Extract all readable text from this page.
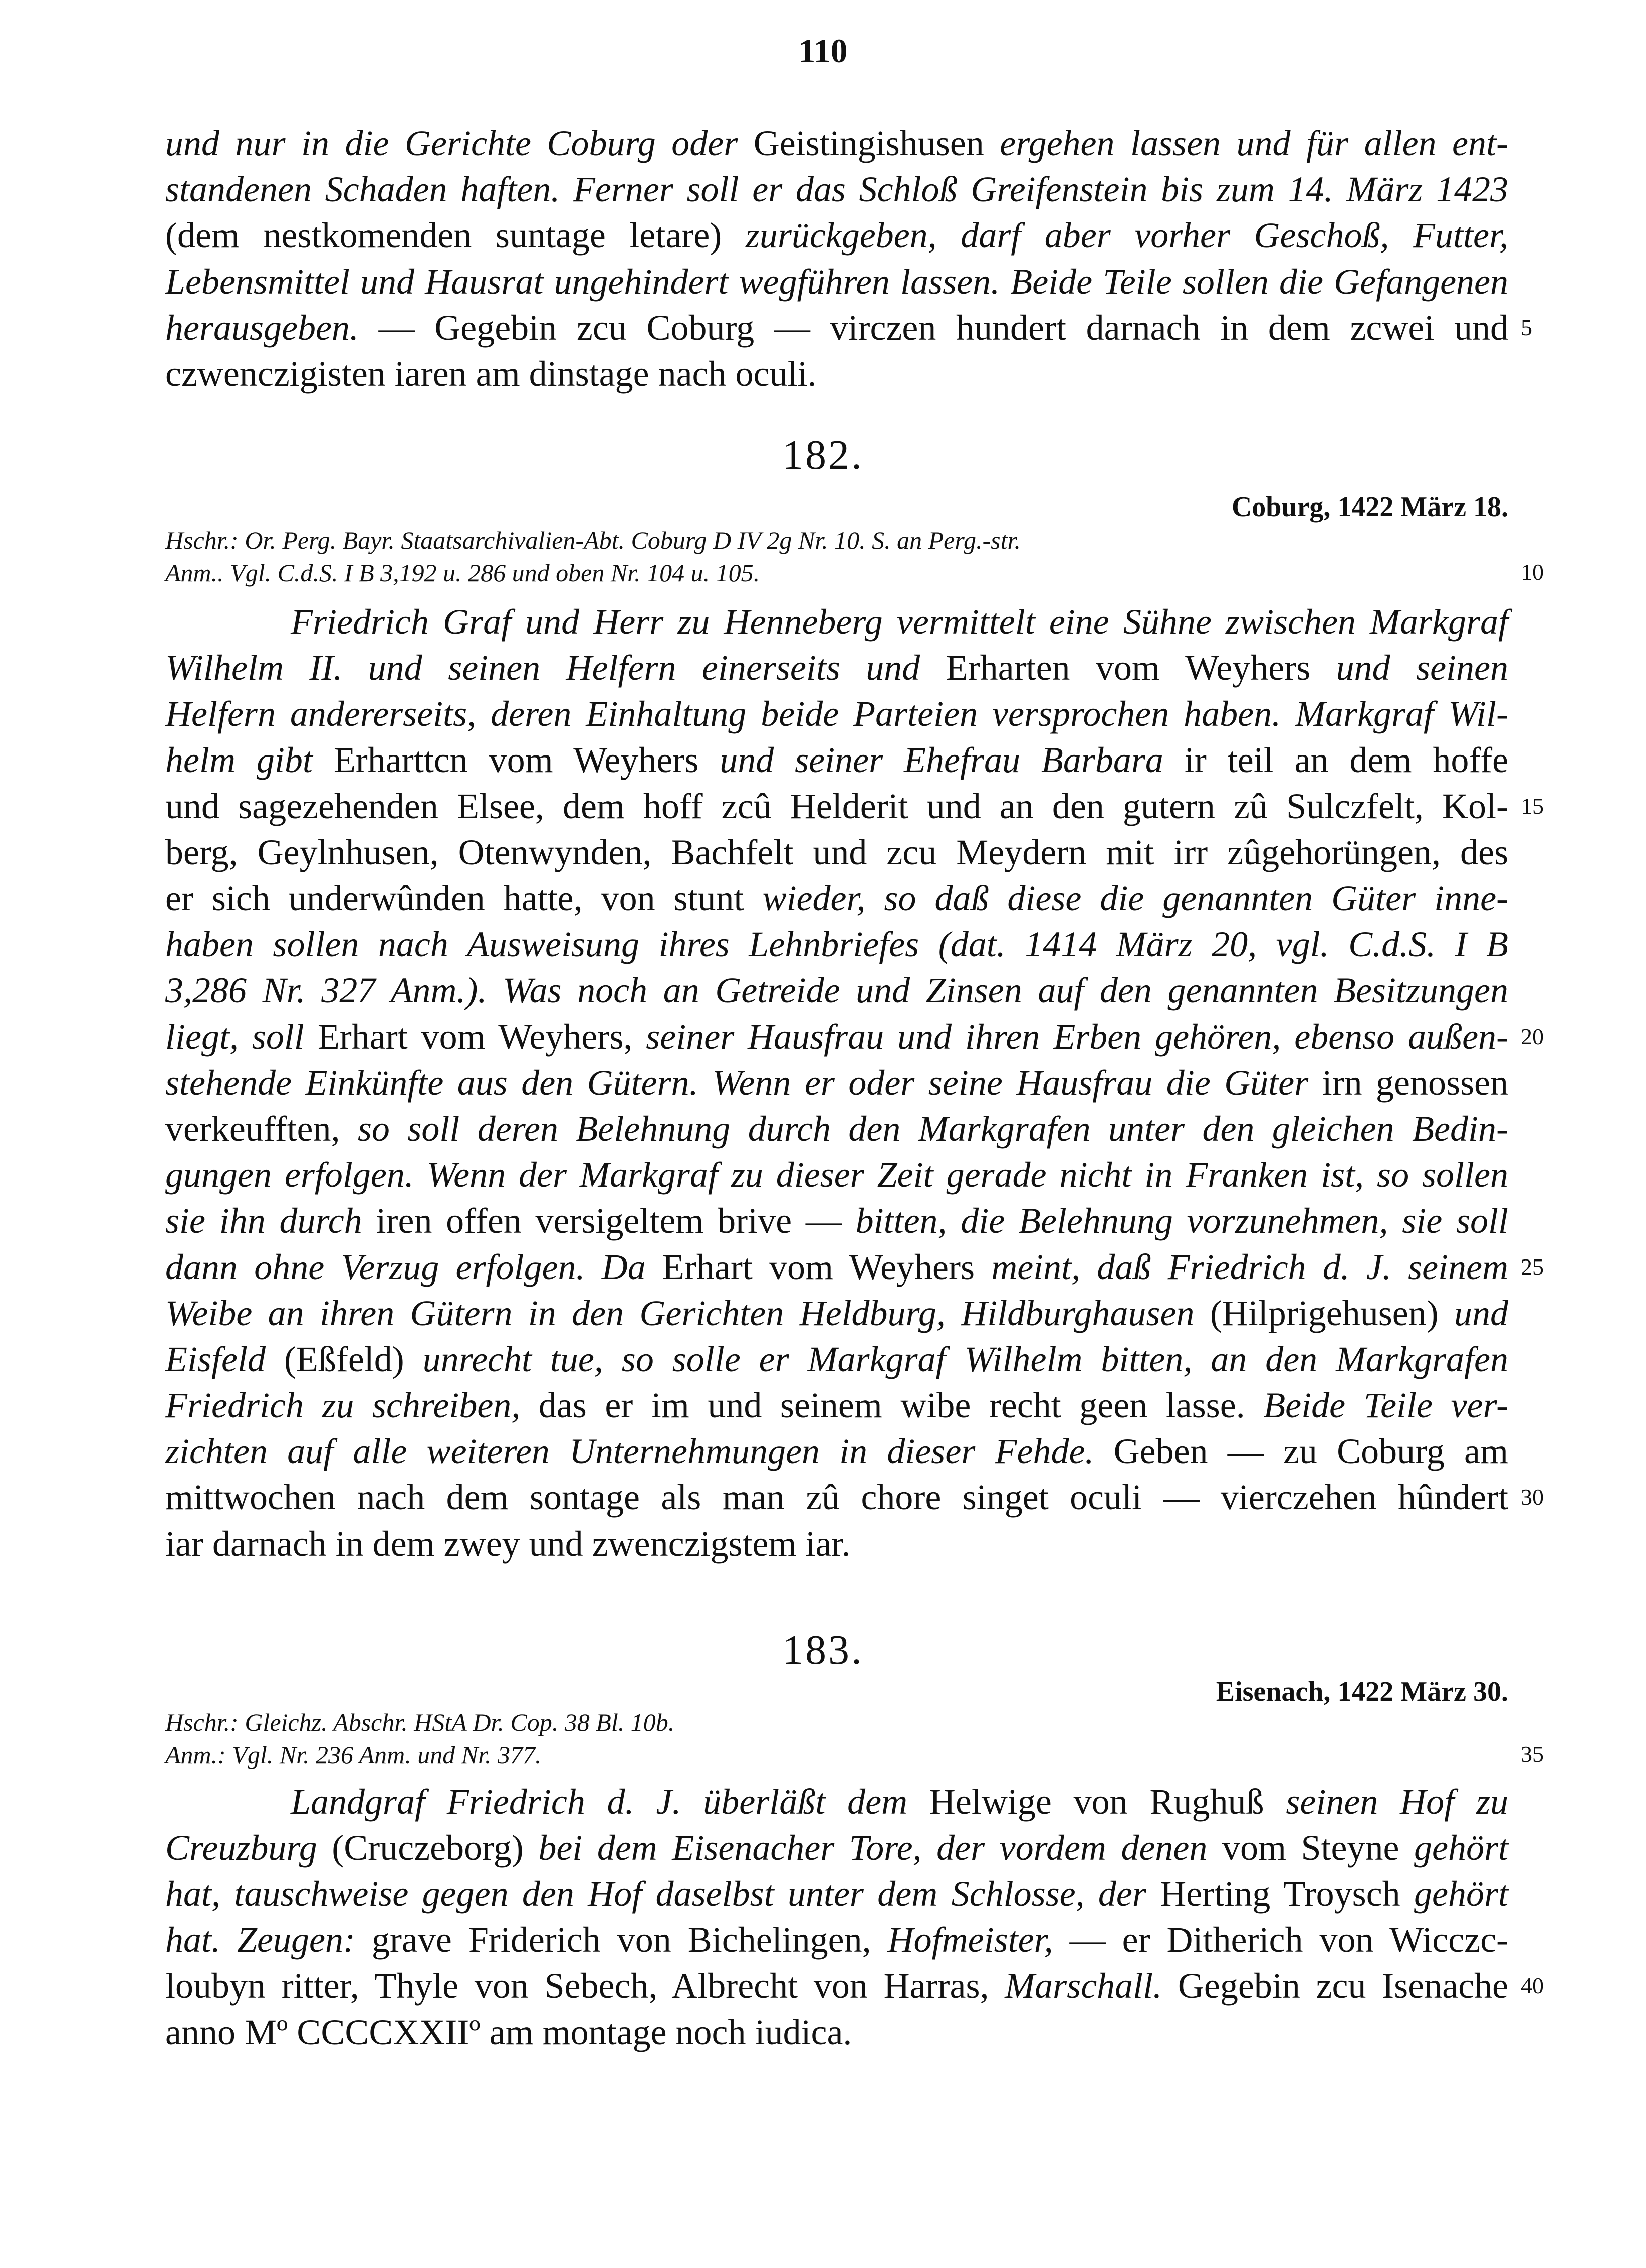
110
und nur in die Gerichte Coburg oder Geistingishusen ergehen lassen und für allen ent-
standenen Schaden haften. Ferner soll er das Schloß Greifenstein bis zum 14. März 1423
(dem nestkomenden suntage letare) zurückgeben, darf aber vorher Geschoß, Futter,
Lebensmittel und Hausrat ungehindert wegführen lassen. Beide Teile sollen die Gefangenen
herausgeben. — Gegebin zcu Coburg — virczen hundert darnach in dem zcwei und
czwenczigisten iaren am dinstage nach oculi.
5
182.
Coburg, 1422 März 18.
Hschr.: Or. Perg. Bayr. Staatsarchivalien-Abt. Coburg D IV 2g Nr. 10. S. an Perg.-str.
Anm.. Vgl. C.d.S. I B 3,192 u. 286 und oben Nr. 104 u. 105.	10
Friedrich Graf und Herr zu Henneberg vermittelt eine Sühne zwischen Markgraf
Wilhelm II. und seinen Helfern einerseits und Erharten vom Weyhers und seinen
Helfern andererseits, deren Einhaltung beide Parteien versprochen haben. Markgraf Wil-
helm gibt Erharttcn vom Weyhers und seiner Ehefrau Barbara ir teil an dem hoffe
und sagezehenden Elsee, dem hoff zcû Helderit und an den gutern zû Sulczfelt, Kol-
berg, Geylnhusen, Otenwynden, Bachfelt und zcu Meydern mit irr zûgehorüngen, des
er sich underwûnden hatte, von stunt wieder, so daß diese die genannten Güter inne-
haben sollen nach Ausweisung ihres Lehnbriefes (dat. 1414 März 20, vgl. C.d.S. I B
3,286 Nr. 327 Anm.). Was noch an Getreide und Zinsen auf den genannten Besitzungen
liegt, soll Erhart vom Weyhers, seiner Hausfrau und ihren Erben gehören, ebenso außen-
stehende Einkünfte aus den Gütern. Wenn er oder seine Hausfrau die Güter irn genossen
verkeufften, so soll deren Belehnung durch den Markgrafen unter den gleichen Bedin-
gungen erfolgen. Wenn der Markgraf zu dieser Zeit gerade nicht in Franken ist, so sollen
sie ihn durch iren offen versigeltem brive — bitten, die Belehnung vorzunehmen, sie soll
dann ohne Verzug erfolgen. Da Erhart vom Weyhers meint, daß Friedrich d. J. seinem
Weibe an ihren Gütern in den Gerichten Heldburg, Hildburghausen (Hilprigehusen) und
Eisfeld (Eßfeld) unrecht tue, so solle er Markgraf Wilhelm bitten, an den Markgrafen
Friedrich zu schreiben, das er im und seinem wibe recht geen lasse. Beide Teile ver-
zichten auf alle weiteren Unternehmungen in dieser Fehde. Geben — zu Coburg am
mittwochen nach dem sontage als man zû chore singet oculi — vierczehen hûndert
iar darnach in dem zwey und zwenczigstem iar.
15
20
25
30
183.
Eisenach, 1422 März 30.
Hschr.: Gleichz. Abschr. HStA Dr. Cop. 38 Bl. 10b.
Anm.: Vgl. Nr. 236 Anm. und Nr. 377.	35
Landgraf Friedrich d. J. überläßt dem Helwige von Rughuß seinen Hof zu
Creuzburg (Cruczeborg) bei dem Eisenacher Tore, der vordem denen vom Steyne gehört
hat, tauschweise gegen den Hof daselbst unter dem Schlosse, der Herting Troysch gehört
hat. Zeugen: grave Friderich von Bichelingen, Hofmeister, — er Ditherich von Wicczc-
loubyn ritter, Thyle von Sebech, Albrecht von Harras, Marschall. Gegebin zcu Isenache
anno Mº CCCCXXIIº am montage noch iudica.
40
